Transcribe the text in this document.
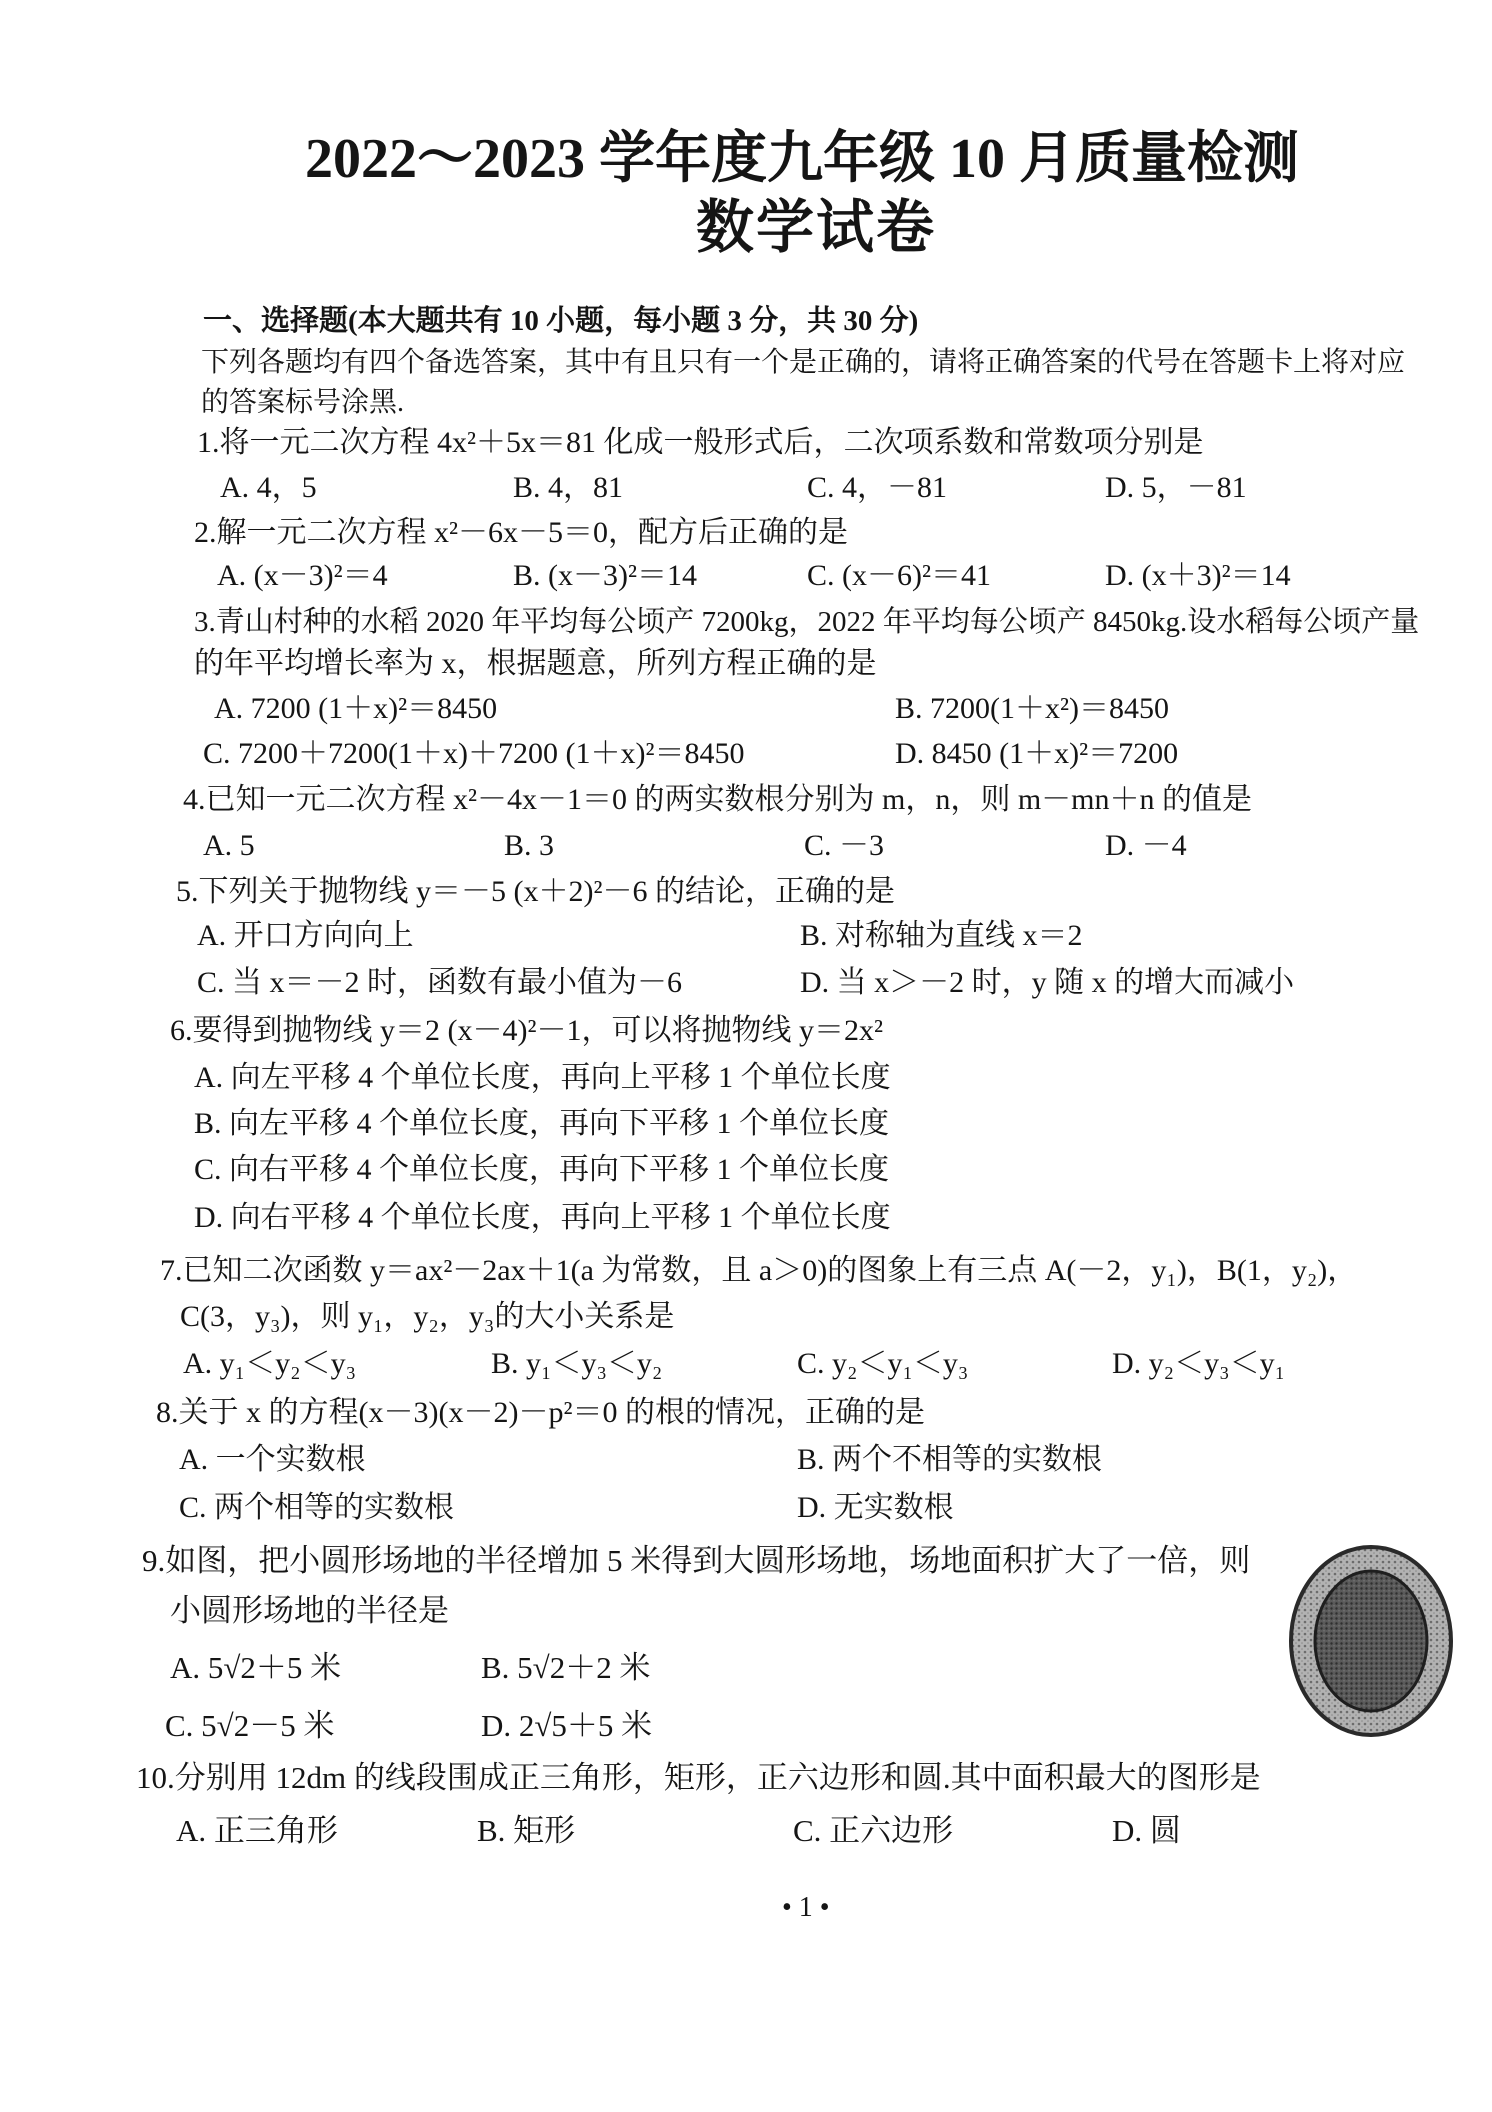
2022～2023 学年度九年级 10 月质量检测
数学试卷
一、选择题(本大题共有 10 小题，每小题 3 分，共 30 分)
下列各题均有四个备选答案，其中有且只有一个是正确的，请将正确答案的代号在答题卡上将对应
的答案标号涂黑.
1.将一元二次方程 4x²＋5x＝81 化成一般形式后，二次项系数和常数项分别是
A. 4，5	B. 4，81	C. 4，－81	D. 5，－81
2.解一元二次方程 x²－6x－5＝0，配方后正确的是
A. (x－3)²＝4	B. (x－3)²＝14	C. (x－6)²＝41	D. (x＋3)²＝14
3.青山村种的水稻 2020 年平均每公顷产 7200kg，2022 年平均每公顷产 8450kg.设水稻每公顷产量
的年平均增长率为 x，根据题意，所列方程正确的是
A. 7200 (1＋x)²＝8450	B. 7200(1＋x²)＝8450
C. 7200＋7200(1＋x)＋7200 (1＋x)²＝8450	D. 8450 (1＋x)²＝7200
4.已知一元二次方程 x²－4x－1＝0 的两实数根分别为 m，n，则 m－mn＋n 的值是
A. 5	B. 3	C. －3	D. －4
5.下列关于抛物线 y＝－5 (x＋2)²－6 的结论，正确的是
A. 开口方向向上	B. 对称轴为直线 x＝2
C. 当 x＝－2 时，函数有最小值为－6	D. 当 x＞－2 时，y 随 x 的增大而减小
6.要得到抛物线 y＝2 (x－4)²－1，可以将抛物线 y＝2x²
A. 向左平移 4 个单位长度，再向上平移 1 个单位长度
B. 向左平移 4 个单位长度，再向下平移 1 个单位长度
C. 向右平移 4 个单位长度，再向下平移 1 个单位长度
D. 向右平移 4 个单位长度，再向上平移 1 个单位长度
7.已知二次函数 y＝ax²－2ax＋1(a 为常数，且 a＞0)的图象上有三点 A(－2，y₁)，B(1，y₂)，
C(3，y₃)，则 y₁，y₂，y₃的大小关系是
A. y₁＜y₂＜y₃	B. y₁＜y₃＜y₂	C. y₂＜y₁＜y₃	D. y₂＜y₃＜y₁
8.关于 x 的方程(x－3)(x－2)－p²＝0 的根的情况，正确的是
A. 一个实数根	B. 两个不相等的实数根
C. 两个相等的实数根	D. 无实数根
9.如图，把小圆形场地的半径增加 5 米得到大圆形场地，场地面积扩大了一倍，则
小圆形场地的半径是
A. 5√2＋5 米	B. 5√2＋2 米
C. 5√2－5 米	D. 2√5＋5 米
10.分别用 12dm 的线段围成正三角形，矩形，正六边形和圆.其中面积最大的图形是
A. 正三角形	B. 矩形	C. 正六边形	D. 圆
• 1 •
